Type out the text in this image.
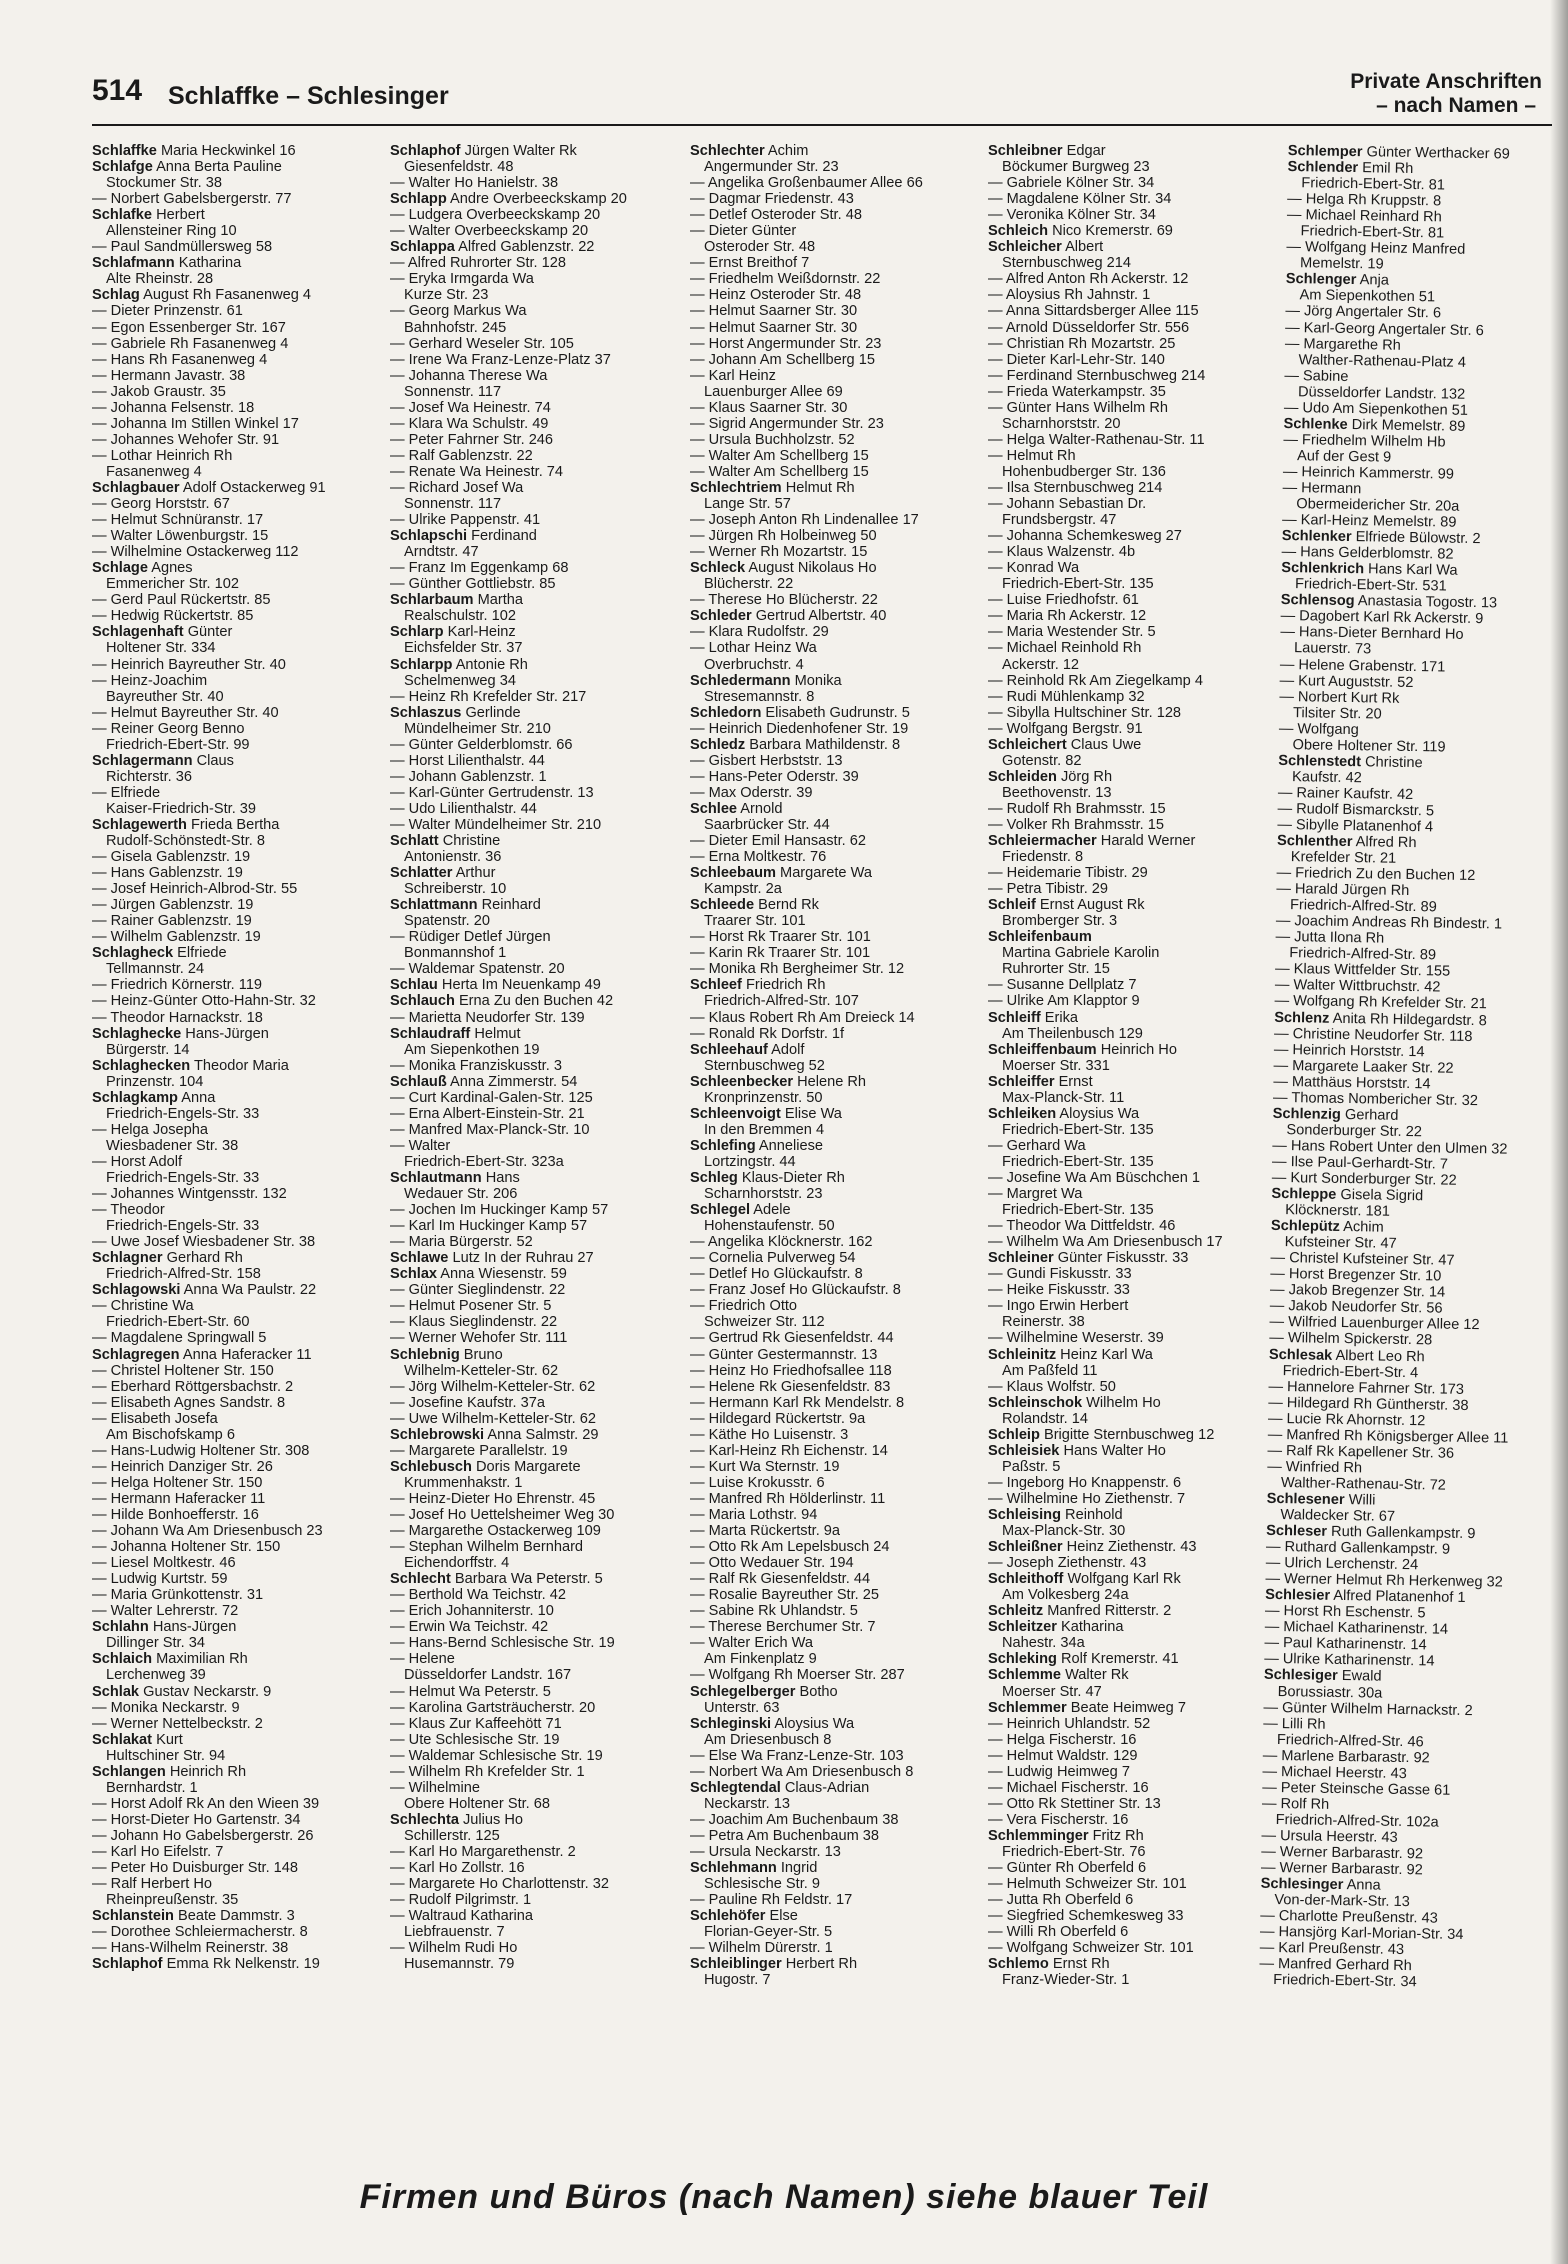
514 Schlaffke – Schlesinger
Private Anschriften
– nach Namen –
Schlaffke Maria Heckwinkel 16
Schlafge Anna Berta Pauline
Stockumer Str. 38
— Norbert Gabelsbergerstr. 77
Schlafke Herbert
Allensteiner Ring 10
— Paul Sandmüllersweg 58
Schlafmann Katharina
Alte Rheinstr. 28
Schlag August Rh Fasanenweg 4
— Dieter Prinzenstr. 61
— Egon Essenberger Str. 167
— Gabriele Rh Fasanenweg 4
— Hans Rh Fasanenweg 4
— Hermann Javastr. 38
— Jakob Graustr. 35
— Johanna Felsenstr. 18
— Johanna Im Stillen Winkel 17
— Johannes Wehofer Str. 91
— Lothar Heinrich Rh
Fasanenweg 4
Schlagbauer Adolf Ostackerweg 91
— Georg Horststr. 67
— Helmut Schnüranstr. 17
— Walter Löwenburgstr. 15
— Wilhelmine Ostackerweg 112
Schlage Agnes
Emmericher Str. 102
— Gerd Paul Rückertstr. 85
— Hedwig Rückertstr. 85
Schlagenhaft Günter
Holtener Str. 334
— Heinrich Bayreuther Str. 40
— Heinz-Joachim
Bayreuther Str. 40
— Helmut Bayreuther Str. 40
— Reiner Georg Benno
Friedrich-Ebert-Str. 99
Schlagermann Claus
Richterstr. 36
— Elfriede
Kaiser-Friedrich-Str. 39
Schlagewerth Frieda Bertha
Rudolf-Schönstedt-Str. 8
— Gisela Gablenzstr. 19
— Hans Gablenzstr. 19
— Josef Heinrich-Albrod-Str. 55
— Jürgen Gablenzstr. 19
— Rainer Gablenzstr. 19
— Wilhelm Gablenzstr. 19
Schlagheck Elfriede
Tellmannstr. 24
— Friedrich Körnerstr. 119
— Heinz-Günter Otto-Hahn-Str. 32
— Theodor Harnackstr. 18
Schlaghecke Hans-Jürgen
Bürgerstr. 14
Schlaghecken Theodor Maria
Prinzenstr. 104
Schlagkamp Anna
Friedrich-Engels-Str. 33
— Helga Josepha
Wiesbadener Str. 38
— Horst Adolf
Friedrich-Engels-Str. 33
— Johannes Wintgensstr. 132
— Theodor
Friedrich-Engels-Str. 33
— Uwe Josef Wiesbadener Str. 38
Schlagner Gerhard Rh
Friedrich-Alfred-Str. 158
Schlagowski Anna Wa Paulstr. 22
— Christine Wa
Friedrich-Ebert-Str. 60
— Magdalene Springwall 5
Schlagregen Anna Haferacker 11
— Christel Holtener Str. 150
— Eberhard Röttgersbachstr. 2
— Elisabeth Agnes Sandstr. 8
— Elisabeth Josefa
Am Bischofskamp 6
— Hans-Ludwig Holtener Str. 308
— Heinrich Danziger Str. 26
— Helga Holtener Str. 150
— Hermann Haferacker 11
— Hilde Bonhoefferstr. 16
— Johann Wa Am Driesenbusch 23
— Johanna Holtener Str. 150
— Liesel Moltkestr. 46
— Ludwig Kurtstr. 59
— Maria Grünkottenstr. 31
— Walter Lehrerstr. 72
Schlahn Hans-Jürgen
Dillinger Str. 34
Schlaich Maximilian Rh
Lerchenweg 39
Schlak Gustav Neckarstr. 9
— Monika Neckarstr. 9
— Werner Nettelbeckstr. 2
Schlakat Kurt
Hultschiner Str. 94
Schlangen Heinrich Rh
Bernhardstr. 1
— Horst Adolf Rk An den Wieen 39
— Horst-Dieter Ho Gartenstr. 34
— Johann Ho Gabelsbergerstr. 26
— Karl Ho Eifelstr. 7
— Peter Ho Duisburger Str. 148
— Ralf Herbert Ho
Rheinpreußenstr. 35
Schlanstein Beate Dammstr. 3
— Dorothee Schleiermacherstr. 8
— Hans-Wilhelm Reinerstr. 38
Schlaphof Emma Rk Nelkenstr. 19
Schlaphof Jürgen Walter Rk
Giesenfeldstr. 48
— Walter Ho Hanielstr. 38
Schlapp Andre Overbeeckskamp 20
— Ludgera Overbeeckskamp 20
— Walter Overbeeckskamp 20
Schlappa Alfred Gablenzstr. 22
— Alfred Ruhrorter Str. 128
— Eryka Irmgarda Wa
Kurze Str. 23
— Georg Markus Wa
Bahnhofstr. 245
— Gerhard Weseler Str. 105
— Irene Wa Franz-Lenze-Platz 37
— Johanna Therese Wa
Sonnenstr. 117
— Josef Wa Heinestr. 74
— Klara Wa Schulstr. 49
— Peter Fahrner Str. 246
— Ralf Gablenzstr. 22
— Renate Wa Heinestr. 74
— Richard Josef Wa
Sonnenstr. 117
— Ulrike Pappenstr. 41
Schlapschi Ferdinand
Arndtstr. 47
— Franz Im Eggenkamp 68
— Günther Gottliebstr. 85
Schlarbaum Martha
Realschulstr. 102
Schlarp Karl-Heinz
Eichsfelder Str. 37
Schlarpp Antonie Rh
Schelmenweg 34
— Heinz Rh Krefelder Str. 217
Schlaszus Gerlinde
Mündelheimer Str. 210
— Günter Gelderblomstr. 66
— Horst Lilienthalstr. 44
— Johann Gablenzstr. 1
— Karl-Günter Gertrudenstr. 13
— Udo Lilienthalstr. 44
— Walter Mündelheimer Str. 210
Schlatt Christine
Antonienstr. 36
Schlatter Arthur
Schreiberstr. 10
Schlattmann Reinhard
Spatenstr. 20
— Rüdiger Detlef Jürgen
Bonmannshof 1
— Waldemar Spatenstr. 20
Schlau Herta Im Neuenkamp 49
Schlauch Erna Zu den Buchen 42
— Marietta Neudorfer Str. 139
Schlaudraff Helmut
Am Siepenkothen 19
— Monika Franziskusstr. 3
Schlauß Anna Zimmerstr. 54
— Curt Kardinal-Galen-Str. 125
— Erna Albert-Einstein-Str. 21
— Manfred Max-Planck-Str. 10
— Walter
Friedrich-Ebert-Str. 323a
Schlautmann Hans
Wedauer Str. 206
— Jochen Im Huckinger Kamp 57
— Karl Im Huckinger Kamp 57
— Maria Bürgerstr. 52
Schlawe Lutz In der Ruhrau 27
Schlax Anna Wiesenstr. 59
— Günter Sieglindenstr. 22
— Helmut Posener Str. 5
— Klaus Sieglindenstr. 22
— Werner Wehofer Str. 111
Schlebnig Bruno
Wilhelm-Ketteler-Str. 62
— Jörg Wilhelm-Ketteler-Str. 62
— Josefine Kaufstr. 37a
— Uwe Wilhelm-Ketteler-Str. 62
Schlebrowski Anna Salmstr. 29
— Margarete Parallelstr. 19
Schlebusch Doris Margarete
Krummenhakstr. 1
— Heinz-Dieter Ho Ehrenstr. 45
— Josef Ho Uettelsheimer Weg 30
— Margarethe Ostackerweg 109
— Stephan Wilhelm Bernhard
Eichendorffstr. 4
Schlecht Barbara Wa Peterstr. 5
— Berthold Wa Teichstr. 42
— Erich Johanniterstr. 10
— Erwin Wa Teichstr. 42
— Hans-Bernd Schlesische Str. 19
— Helene
Düsseldorfer Landstr. 167
— Helmut Wa Peterstr. 5
— Karolina Gartsträucherstr. 20
— Klaus Zur Kaffeehött 71
— Ute Schlesische Str. 19
— Waldemar Schlesische Str. 19
— Wilhelm Rh Krefelder Str. 1
— Wilhelmine
Obere Holtener Str. 68
Schlechta Julius Ho
Schillerstr. 125
— Karl Ho Margarethenstr. 2
— Karl Ho Zollstr. 16
— Margarete Ho Charlottenstr. 32
— Rudolf Pilgrimstr. 1
— Waltraud Katharina
Liebfrauenstr. 7
— Wilhelm Rudi Ho
Husemannstr. 79
Schlechter Achim
Angermunder Str. 23
— Angelika Großenbaumer Allee 66
— Dagmar Friedenstr. 43
— Detlef Osteroder Str. 48
— Dieter Günter
Osteroder Str. 48
— Ernst Breithof 7
— Friedhelm Weißdornstr. 22
— Heinz Osteroder Str. 48
— Helmut Saarner Str. 30
— Helmut Saarner Str. 30
— Horst Angermunder Str. 23
— Johann Am Schellberg 15
— Karl Heinz
Lauenburger Allee 69
— Klaus Saarner Str. 30
— Sigrid Angermunder Str. 23
— Ursula Buchholzstr. 52
— Walter Am Schellberg 15
— Walter Am Schellberg 15
Schlechtriem Helmut Rh
Lange Str. 57
— Joseph Anton Rh Lindenallee 17
— Jürgen Rh Holbeinweg 50
— Werner Rh Mozartstr. 15
Schleck August Nikolaus Ho
Blücherstr. 22
— Therese Ho Blücherstr. 22
Schleder Gertrud Albertstr. 40
— Klara Rudolfstr. 29
— Lothar Heinz Wa
Overbruchstr. 4
Schledermann Monika
Stresemannstr. 8
Schledorn Elisabeth Gudrunstr. 5
— Heinrich Diedenhofener Str. 19
Schledz Barbara Mathildenstr. 8
— Gisbert Herbststr. 13
— Hans-Peter Oderstr. 39
— Max Oderstr. 39
Schlee Arnold
Saarbrücker Str. 44
— Dieter Emil Hansastr. 62
— Erna Moltkestr. 76
Schleebaum Margarete Wa
Kampstr. 2a
Schleede Bernd Rk
Traarer Str. 101
— Horst Rk Traarer Str. 101
— Karin Rk Traarer Str. 101
— Monika Rh Bergheimer Str. 12
Schleef Friedrich Rh
Friedrich-Alfred-Str. 107
— Klaus Robert Rh Am Dreieck 14
— Ronald Rk Dorfstr. 1f
Schleehauf Adolf
Sternbuschweg 52
Schleenbecker Helene Rh
Kronprinzenstr. 50
Schleenvoigt Elise Wa
In den Bremmen 4
Schlefing Anneliese
Lortzingstr. 44
Schleg Klaus-Dieter Rh
Scharnhorststr. 23
Schlegel Adele
Hohenstaufenstr. 50
— Angelika Klöcknerstr. 162
— Cornelia Pulverweg 54
— Detlef Ho Glückaufstr. 8
— Franz Josef Ho Glückaufstr. 8
— Friedrich Otto
Schweizer Str. 112
— Gertrud Rk Giesenfeldstr. 44
— Günter Gestermannstr. 13
— Heinz Ho Friedhofsallee 118
— Helene Rk Giesenfeldstr. 83
— Hermann Karl Rk Mendelstr. 8
— Hildegard Rückertstr. 9a
— Käthe Ho Luisenstr. 3
— Karl-Heinz Rh Eichenstr. 14
— Kurt Wa Sternstr. 19
— Luise Krokusstr. 6
— Manfred Rh Hölderlinstr. 11
— Maria Lothstr. 94
— Marta Rückertstr. 9a
— Otto Rk Am Lepelsbusch 24
— Otto Wedauer Str. 194
— Ralf Rk Giesenfeldstr. 44
— Rosalie Bayreuther Str. 25
— Sabine Rk Uhlandstr. 5
— Therese Berchumer Str. 7
— Walter Erich Wa
Am Finkenplatz 9
— Wolfgang Rh Moerser Str. 287
Schlegelberger Botho
Unterstr. 63
Schleginski Aloysius Wa
Am Driesenbusch 8
— Else Wa Franz-Lenze-Str. 103
— Norbert Wa Am Driesenbusch 8
Schlegtendal Claus-Adrian
Neckarstr. 13
— Joachim Am Buchenbaum 38
— Petra Am Buchenbaum 38
— Ursula Neckarstr. 13
Schlehmann Ingrid
Schlesische Str. 9
— Pauline Rh Feldstr. 17
Schlehöfer Else
Florian-Geyer-Str. 5
— Wilhelm Dürerstr. 1
Schleiblinger Herbert Rh
Hugostr. 7
Schleibner Edgar
Böckumer Burgweg 23
— Gabriele Kölner Str. 34
— Magdalene Kölner Str. 34
— Veronika Kölner Str. 34
Schleich Nico Kremerstr. 69
Schleicher Albert
Sternbuschweg 214
— Alfred Anton Rh Ackerstr. 12
— Aloysius Rh Jahnstr. 1
— Anna Sittardsberger Allee 115
— Arnold Düsseldorfer Str. 556
— Christian Rh Mozartstr. 25
— Dieter Karl-Lehr-Str. 140
— Ferdinand Sternbuschweg 214
— Frieda Waterkampstr. 35
— Günter Hans Wilhelm Rh
Scharnhorststr. 20
— Helga Walter-Rathenau-Str. 11
— Helmut Rh
Hohenbudberger Str. 136
— Ilsa Sternbuschweg 214
— Johann Sebastian Dr.
Frundsbergstr. 47
— Johanna Schemkesweg 27
— Klaus Walzenstr. 4b
— Konrad Wa
Friedrich-Ebert-Str. 135
— Luise Friedhofstr. 61
— Maria Rh Ackerstr. 12
— Maria Westender Str. 5
— Michael Reinhold Rh
Ackerstr. 12
— Reinhold Rk Am Ziegelkamp 4
— Rudi Mühlenkamp 32
— Sibylla Hultschiner Str. 128
— Wolfgang Bergstr. 91
Schleichert Claus Uwe
Gotenstr. 82
Schleiden Jörg Rh
Beethovenstr. 13
— Rudolf Rh Brahmsstr. 15
— Volker Rh Brahmsstr. 15
Schleiermacher Harald Werner
Friedenstr. 8
— Heidemarie Tibistr. 29
— Petra Tibistr. 29
Schleif Ernst August Rk
Bromberger Str. 3
Schleifenbaum
Martina Gabriele Karolin
Ruhrorter Str. 15
— Susanne Dellplatz 7
— Ulrike Am Klapptor 9
Schleiff Erika
Am Theilenbusch 129
Schleiffenbaum Heinrich Ho
Moerser Str. 331
Schleiffer Ernst
Max-Planck-Str. 11
Schleiken Aloysius Wa
Friedrich-Ebert-Str. 135
— Gerhard Wa
Friedrich-Ebert-Str. 135
— Josefine Wa Am Büschchen 1
— Margret Wa
Friedrich-Ebert-Str. 135
— Theodor Wa Dittfeldstr. 46
— Wilhelm Wa Am Driesenbusch 17
Schleiner Günter Fiskusstr. 33
— Gundi Fiskusstr. 33
— Heike Fiskusstr. 33
— Ingo Erwin Herbert
Reinerstr. 38
— Wilhelmine Weserstr. 39
Schleinitz Heinz Karl Wa
Am Paßfeld 11
— Klaus Wolfstr. 50
Schleinschok Wilhelm Ho
Rolandstr. 14
Schleip Brigitte Sternbuschweg 12
Schleisiek Hans Walter Ho
Paßstr. 5
— Ingeborg Ho Knappenstr. 6
— Wilhelmine Ho Ziethenstr. 7
Schleising Reinhold
Max-Planck-Str. 30
Schleißner Heinz Ziethenstr. 43
— Joseph Ziethenstr. 43
Schleithoff Wolfgang Karl Rk
Am Volkesberg 24a
Schleitz Manfred Ritterstr. 2
Schleitzer Katharina
Nahestr. 34a
Schleking Rolf Kremerstr. 41
Schlemme Walter Rk
Moerser Str. 47
Schlemmer Beate Heimweg 7
— Heinrich Uhlandstr. 52
— Helga Fischerstr. 16
— Helmut Waldstr. 129
— Ludwig Heimweg 7
— Michael Fischerstr. 16
— Otto Rk Stettiner Str. 13
— Vera Fischerstr. 16
Schlemminger Fritz Rh
Friedrich-Ebert-Str. 76
— Günter Rh Oberfeld 6
— Helmuth Schweizer Str. 101
— Jutta Rh Oberfeld 6
— Siegfried Schemkesweg 33
— Willi Rh Oberfeld 6
— Wolfgang Schweizer Str. 101
Schlemo Ernst Rh
Franz-Wieder-Str. 1
Schlemper Günter Werthacker 69
Schlender Emil Rh
Friedrich-Ebert-Str. 81
— Helga Rh Kruppstr. 8
— Michael Reinhard Rh
Friedrich-Ebert-Str. 81
— Wolfgang Heinz Manfred
Memelstr. 19
Schlenger Anja
Am Siepenkothen 51
— Jörg Angertaler Str. 6
— Karl-Georg Angertaler Str. 6
— Margarethe Rh
Walther-Rathenau-Platz 4
— Sabine
Düsseldorfer Landstr. 132
— Udo Am Siepenkothen 51
Schlenke Dirk Memelstr. 89
— Friedhelm Wilhelm Hb
Auf der Gest 9
— Heinrich Kammerstr. 99
— Hermann
Obermeidericher Str. 20a
— Karl-Heinz Memelstr. 89
Schlenker Elfriede Bülowstr. 2
— Hans Gelderblomstr. 82
Schlenkrich Hans Karl Wa
Friedrich-Ebert-Str. 531
Schlensog Anastasia Togostr. 13
— Dagobert Karl Rk Ackerstr. 9
— Hans-Dieter Bernhard Ho
Lauerstr. 73
— Helene Grabenstr. 171
— Kurt Auguststr. 52
— Norbert Kurt Rk
Tilsiter Str. 20
— Wolfgang
Obere Holtener Str. 119
Schlenstedt Christine
Kaufstr. 42
— Rainer Kaufstr. 42
— Rudolf Bismarckstr. 5
— Sibylle Platanenhof 4
Schlenther Alfred Rh
Krefelder Str. 21
— Friedrich Zu den Buchen 12
— Harald Jürgen Rh
Friedrich-Alfred-Str. 89
— Joachim Andreas Rh Bindestr. 1
— Jutta Ilona Rh
Friedrich-Alfred-Str. 89
— Klaus Wittfelder Str. 155
— Walter Wittbruchstr. 42
— Wolfgang Rh Krefelder Str. 21
Schlenz Anita Rh Hildegardstr. 8
— Christine Neudorfer Str. 118
— Heinrich Horststr. 14
— Margarete Laaker Str. 22
— Matthäus Horststr. 14
— Thomas Nombericher Str. 32
Schlenzig Gerhard
Sonderburger Str. 22
— Hans Robert Unter den Ulmen 32
— Ilse Paul-Gerhardt-Str. 7
— Kurt Sonderburger Str. 22
Schleppe Gisela Sigrid
Klöcknerstr. 181
Schlepütz Achim
Kufsteiner Str. 47
— Christel Kufsteiner Str. 47
— Horst Bregenzer Str. 10
— Jakob Bregenzer Str. 14
— Jakob Neudorfer Str. 56
— Wilfried Lauenburger Allee 12
— Wilhelm Spickerstr. 28
Schlesak Albert Leo Rh
Friedrich-Ebert-Str. 4
— Hannelore Fahrner Str. 173
— Hildegard Rh Güntherstr. 38
— Lucie Rk Ahornstr. 12
— Manfred Rh Königsberger Allee 11
— Ralf Rk Kapellener Str. 36
— Winfried Rh
Walther-Rathenau-Str. 72
Schlesener Willi
Waldecker Str. 67
Schleser Ruth Gallenkampstr. 9
— Ruthard Gallenkampstr. 9
— Ulrich Lerchenstr. 24
— Werner Helmut Rh Herkenweg 32
Schlesier Alfred Platanenhof 1
— Horst Rh Eschenstr. 5
— Michael Katharinenstr. 14
— Paul Katharinenstr. 14
— Ulrike Katharinenstr. 14
Schlesiger Ewald
Borussiastr. 30a
— Günter Wilhelm Harnackstr. 2
— Lilli Rh
Friedrich-Alfred-Str. 46
— Marlene Barbarastr. 92
— Michael Heerstr. 43
— Peter Steinsche Gasse 61
— Rolf Rh
Friedrich-Alfred-Str. 102a
— Ursula Heerstr. 43
— Werner Barbarastr. 92
— Werner Barbarastr. 92
Schlesinger Anna
Von-der-Mark-Str. 13
— Charlotte Preußenstr. 43
— Hansjörg Karl-Morian-Str. 34
— Karl Preußenstr. 43
— Manfred Gerhard Rh
Friedrich-Ebert-Str. 34
Firmen und Büros (nach Namen) siehe blauer Teil
